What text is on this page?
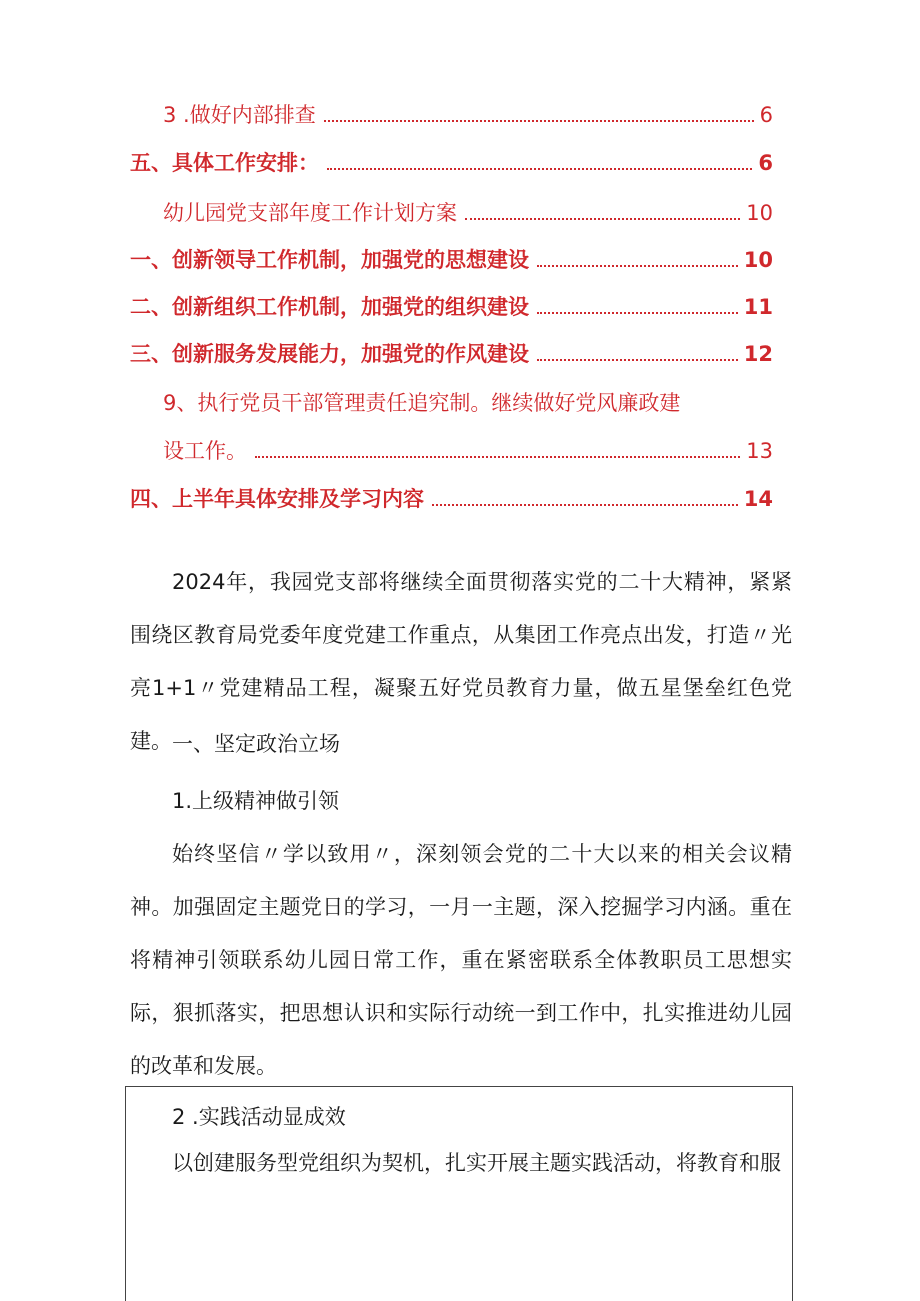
3 .做好内部排查	6
五、具体工作安排：	6
幼儿园党支部年度工作计划方案	10
一、创新领导工作机制，加强党的思想建设	10
二、创新组织工作机制，加强党的组织建设	11
三、创新服务发展能力，加强党的作风建设	12
9、执行党员干部管理责任追究制。继续做好党风廉政建
设工作。	13
四、上半年具体安排及学习内容	14
2024年，我园党支部将继续全面贯彻落实党的二十大精神，紧紧围绕区教育局党委年度党建工作重点，从集团工作亮点出发，打造〃光亮1+1〃党建精品工程，凝聚五好党员教育力量，做五星堡垒红色党建。 一、坚定政治立场
1.上级精神做引领
始终坚信〃学以致用〃，深刻领会党的二十大以来的相关会议精神。加强固定主题党日的学习，一月一主题，深入挖掘学习内涵。重在将精神引领联系幼儿园日常工作，重在紧密联系全体教职员工思想实际，狠抓落实，把思想认识和实际行动统一到工作中，扎实推进幼儿园的改革和发展。
2 .实践活动显成效
以创建服务型党组织为契机，扎实开展主题实践活动，将教育和服
